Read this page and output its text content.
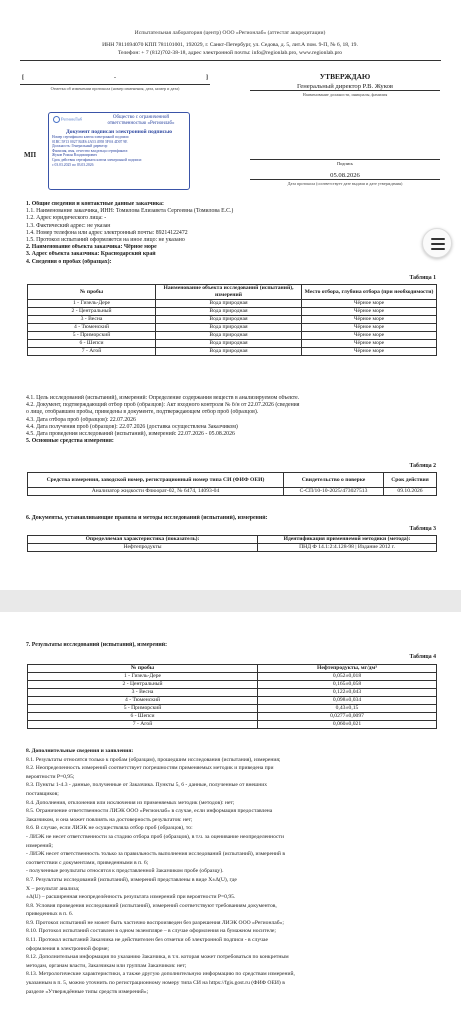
Испытательная лаборатория (центр) ООО «Регионлаб» (аттестат аккредитации)
ИНН 7811694070 КПП 781101001, 192029, г. Санкт-Петербург, ул. Седова, д. 5, лит.А пом. 9-П, № 6, 18, 19.
Телефон: + 7 (812)702-38-18, адрес электронной почты: info@regionlab.pro, www.regionlab.pro
[	-	]
Отметка об изменении протокола (номер изменения, дата, номер и дата)
УТВЕРЖДАЮ
Генеральный директор Р.В. Жуков
Наименование должности, инициалы, фамилия
Подпись
05.08.2026
Дата протокола (соответствует дате выдачи и дате утверждения)
МП
РегионЛаб	Общество с ограниченной ответственностью «Регионлаб»
Документ подписан электронной подписью
Номер сертификата ключа электронной подписи:
01BC 5F13 0027 B4E6 4A53 4958 5F0A 4D07 9E
Должность: Генеральный директор
Фамилия, имя, отчество владельца сертификата:
Жуков Роман Владимирович
Срок действия сертификата ключа электронной подписи:
с 03.03.2025 по 03.03.2026
1. Общие сведения и контактные данные заказчика:
1.1. Наименование заказчика, ИНН: Томилова Елизавета Сергеевна (Томилова Е.С.)
1.2. Адрес юридического лица: -
1.3. Фактический адрес: не указан
1.4. Номер телефона или адрес электронный почты: 89214122472
1.5. Протокол испытаний оформляется на иное лицо: не указано
2. Наименование объекта заказчика: Чёрное море
3. Адрес объекта заказчика: Краснодарский край
4. Сведения о пробах (образцах):
Таблица 1
№ пробы	Наименование объекта исследований (испытаний), измерений	Место отбора, глубина отбора (при необходимости)
1 - Гизель-Дере	Вода природная	Чёрное море
2 - Центральный	Вода природная	Чёрное море
3 - Весна	Вода природная	Чёрное море
4 - Тюменский	Вода природная	Чёрное море
5 - Приморский	Вода природная	Чёрное море
6 - Шепси	Вода природная	Чёрное море
7 - Агой	Вода природная	Чёрное море
4.1. Цель исследований (испытаний), измерений: Определение содержания веществ в анализируемом объекте.
4.2. Документ, подтверждающий отбор проб (образцов): Акт входного контроля № б/н от 22.07.2026 (сведения
о лице, отобравшем пробы, приведены в документе, подтверждающем отбор проб (образцов).
4.3. Дата отбора проб (образцов): 22.07.2026
4.4. Дата получения проб (образцов): 22.07.2026 (доставка осуществлена Заказчиком)
4.5. Дата проведения исследований (испытаний), измерений: 22.07.2026 - 05.08.2026
5. Основные средства измерения:
Таблица 2
Средства измерения, заводской номер, регистрационный номер типа СИ (ФИФ ОЕИ)	Свидетельство о поверке	Срок действия
Анализатор жидкости Флюорат-02, № 6474, 14093-04	С-СП/10-10-2025/473027513	09.10.2026
6. Документы, устанавливающие правила и методы исследований (испытаний), измерений:
Таблица 3
Определяемая характеристика (показатель):	Идентификация применяемой методики (метода):
Нефтепродукты	ПНД Ф 14.1:2:4.128-98 | Издание 2012 г.
7. Результаты исследований (испытаний), измерений:
Таблица 4
№ пробы	Нефтепродукты, мг/дм³
1 - Гизель-Дере	0,052±0,018
2 - Центральный	0,165±0,058
3 - Весна	0,122±0,043
4 - Тюменский	0,098±0,034
5 - Приморский	0,43±0,15
6 - Шепси	0,0277±0,0097
7 - Агой	0,060±0,021
8. Дополнительные сведения и заявления:
8.1. Результаты относятся только к пробам (образцам), прошедшим исследования (испытания), измерения;
8.2. Неопределенность измерений соответствует погрешностям применяемых методик и приведена при
вероятности Р=0,95;
8.3. Пункты 1-4.3 - данные, полученные от Заказчика. Пункты 5, 6 - данные, полученные от внешних
поставщиков;
8.4. Дополнения, отклонения или исключения из применяемых методик (методов): нет;
8.5. Ограничение ответственности ЛИЭК ООО «Регионлаб» в случае, если информация предоставлена
Заказчиком, и она может повлиять на достоверность результатов: нет;
8.6. В случае, если ЛИЭК не осуществляла отбор проб (образцов), то:
- ЛИЭК не несет ответственности за стадию отбора проб (образцов), в т.ч. за оценивание неопределенности
измерений;
- ЛИЭК несет ответственность только за правильность выполнения исследований (испытаний), измерений в
соответствии с документами, приведенными в п. 6;
- полученные результаты относятся к представленной Заказчиком пробе (образцу).
8.7. Результаты исследований (испытаний), измерений представлены в виде X±Δ(U), где
X – результат анализа;
±Δ(U) – расширенная неопределённость результата измерений при вероятности Р=0,95.
8.8. Условия проведения исследований (испытаний), измерений соответствуют требованиям документов,
приведенных в п. 6.
8.9. Протокол испытаний не может быть частично воспроизведен без разрешения ЛИЭК ООО «Регионлаб»;
8.10. Протокол испытаний составлен в одном экземпляре – в случае оформления на бумажном носителе;
8.11. Протокол испытаний Заказчика не действителен без отметки об электронной подписи - в случае
оформления в электронной форме;
8.12. Дополнительная информация по указанию Заказчика, в т.ч. которая может потребоваться по конкретным
методам, органам власти, Заказчикам или группам Заказчиков: нет;
8.13. Метрологические характеристики, а также другую дополнительную информацию по средствам измерений,
указанным в п. 5, можно уточнить по регистрационному номеру типа СИ на https://fgis.gost.ru (ФИФ ОЕИ) в
разделе «Утверждённые типы средств измерений»;
